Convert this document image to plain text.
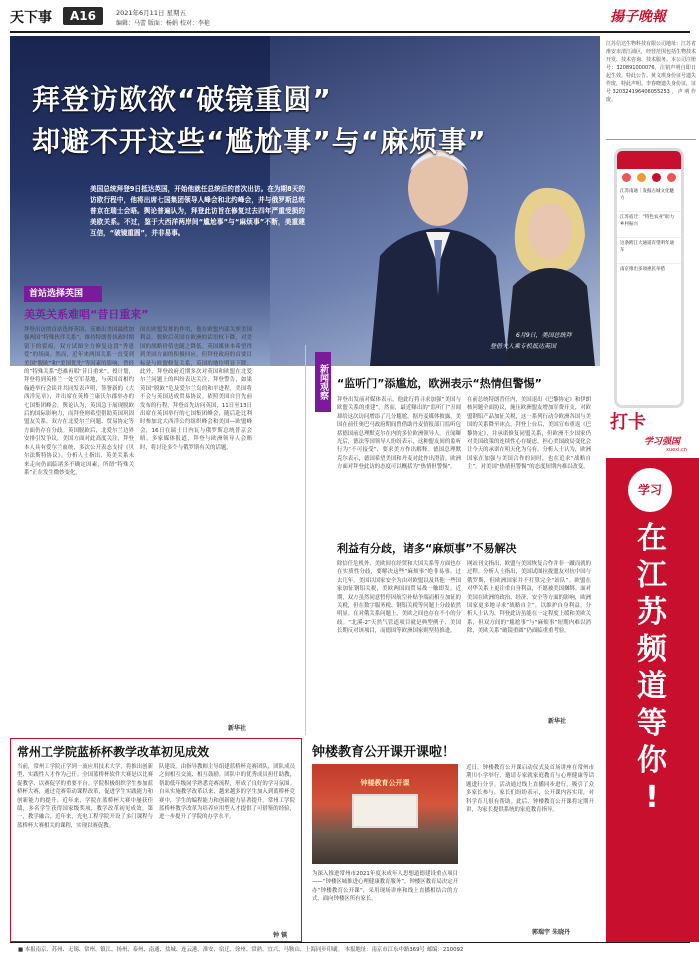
天下事	A16	2021年6月11日 星期五
编辑：马蕾 版面：杨娟 校对：李艳	揚子晚報
拜登访欧欲“破镜重圆”
却避不开这些“尴尬事”与“麻烦事”
美国总统拜登9日抵达英国，开始他就任总统后的首次出访。在为期8天的访欧行程中，他将出席七国集团领导人峰会和北约峰会，并与俄罗斯总统普京在瑞士会晤。舆论普遍认为，拜登此访旨在修复过去四年严重受损的美欧关系。不过，鉴于大西洋两岸间“尴尬事”与“麻烦事”不断，美重建互信，“破镜重圆”，并非易事。
6月9日，美国总统拜
登偕夫人乘专机抵达英国
首站选择英国
美英关系难唱“昔日重来”
拜登出访的首站选择英国，反映出美国最欣加强两国“特殊伙伴关系”，维持特朗普执政时期留下的裂痕，双方试图全力修复这段“秀恩爱”的场面。然而，近年来两国关系一直受到美国“脱欧”和“美国优先”等因素的影响，曾经的“特殊关系”恐难再唱“昔日重来”。授计划，拜登将到英格兰一处空军基地，与英国首相约翰逊举行会谈并共同发表声明，签署新的《大西洋宪章》，并出席在英格兰康沃尔郡举办的七国集团峰会。舆论认为，英国急于展现脱欧后的国际影响力，而拜登则希望借助英国巩固盟友关系。双方在北爱尔兰问题、贸易协定等方面仍存在分歧。英国脱欧后，北爱尔兰边界安排引发争议，美国方面对此高度关注，拜登本人具有爱尔兰血统，多次公开表态支持《贝尔法斯特协议》。分析人士指出，英美关系未来走向仍面临诸多不确定因素，所谓“特殊关系”正在发生微妙变化。
国在欧盟发挥的作用，他在欧盟内部关照美国利益。脱欧后英国在欧洲的话语权下降，对美国的战略价值也随之降低。英国媒体本希望得到美国方面的积极回应，但拜登政府的首要目标是与欧盟修复关系，英国的地位明显下降。此外，拜登政府近期多次对英国和欧盟在北爱尔兰问题上的纠纷表达关注，拜登警告，如果英国“脱欧”危及爱尔兰岛的和平进程，美国将不会与英国达成贸易协议。依照美国自宫先前发布的行程，拜登首先访问英国，11日至13日出席在英国举行的七国集团峰会，随后赴比利时参加北大西洋公约组织峰会和美国—欧盟峰会，16日在瑞士日内瓦与俄罗斯总统普京会晤。多家媒体报道，拜登与欧洲领导人会晤时，将讨论多个与俄罗斯有关的话题。
新华社
新闻观察 “监听门”添尴尬，欧洲表示“热情但警惕”
拜登出发前对媒体表示，他此行将寻求加强“美国与欧盟关系的重建”。然而，最近曝出的“监听门”丑闻却给这次访问增添了几分尴尬。据丹麦媒体披露，美国在前任奥巴马政府期间曾借助丹麦情报部门监听包括德国前总理默克尔在内的多位欧洲领导人。丑闻曝光后，德法等国领导人纷纷表示，这种盟友间的监听行为“不可接受”，要求美方作出解释。德国总理默克尔表示，德国希望美国和丹麦对此作出澄清。欧洲方面对拜登此访的态度可以概括为“热情但警惕”。
在前总统特朗普任内，美国退出《巴黎协定》和伊朗核问题全面协议，施压欧洲盟友增加军费开支，对欧盟钢铝产品加征关税，这一系列行动令欧洲各国与美国的关系降至冰点。拜登上台后，美国宣布重返《巴黎协定》，并承诺修复同盟关系，但欧洲不少国家仍对美国政策的连续性心存疑虑，担心美国政局变化会让今天的承诺在明天化为乌有。分析人士认为，欧洲国家在加强与美国合作的同时，也在追求“战略自主”，对美国“热情但警惕”的态度短期内难以改变。
利益有分歧，诸多“麻烦事”不易解决
除信任危机外，美欧间在经贸和大国关系等方面也存在实质性分歧，要解决这些“麻烦事”绝非易事。过去几年，美国以国家安全为由对欧盟以及其他一些国家加征钢铝关税，美欧两国间贸易战一触即发。近期，双方虽然同意暂停因航空补贴争端而相互加征的关税，但在数字服务税、钢铝关税等问题上分歧依然明显。在对俄关系问题上，美欧之间也存在不小的分歧。“北溪-2”天然气管道项目就是典型例子，美国长期反对该项目，而德国等欧洲国家则坚持推进。
网站刊文指出，欧盟与美国恢复合作并非一蹴而就的过程。分析人士指出，美国试图拉拢盟友对抗中国与俄罗斯，但欧洲国家并不打算完全“站队”。欧盟在对华关系上更注重自身利益，不愿被美国捆绑。面对美国在欧洲的政治、经济、安全等方面的影响，欧洲国家更多地寻求“战略自主”，以维护自身利益。分析人士认为，拜登此访虽能在一定程度上缓和美欧关系，但双方间的“尴尬事”与“麻烦事”短期内难以消除，美欧关系“破镜重圆”仍面临重重考验。
新华社
江苏信达生物科技有限公司地址：江苏省淮安市清江浦区，经营范围包括生物技术开发、技术咨询、技术服务。本公司注册号：320891000076，注销声明自即日起生效。特此公告。黄文琪身份证号遗失作废，特此声明。李春晓遗失身份证，证号320324196406055253，声明作废。
江苏南通｜发掘古城文化魅力
江苏宿迁：“特色农业”助力乡村振兴
这条跨江大通道有望明年通车
南京推出多项惠民举措
打卡
学习强国
xuexi.cn
学习
在
江
苏
频
道
等
你
!
常州工学院蓝桥杯教学改革初见成效
当前，常州工学院正学到一流应用技术大学，将推出创新型、实践性人才作为己任。全国蓝桥杯软件大赛是以比赛促教学、以赛促学的重要平台。学院积极组织学生参加蓝桥杯大赛，通过竞赛带动课程改革，促进学生实践能力和创新能力的提升。近年来，学院在蓝桥杯大赛中屡获佳绩，多名学生获得国家级奖项，教学改革初见成效。第一，教学融合，近年来，光电工程学院开设了多门课程与蓝桥杯大赛相关的课程，实现以赛促教。
队建设。由指导教师主导组建蓝桥杯竞赛团队，团队成员之间相互交流、相互鼓励。团队中的优秀成员担任助教，帮助低年级同学熟悉竞赛流程，形成了良好的学习氛围。自从实施教学改革以来，越来越多的学生加入到蓝桥杯竞赛中，学生的编程能力和创新能力显著提升。常州工学院蓝桥杯教学改革为培养应用型人才提供了可借鉴的经验，进一步提升了学院的办学水平。
钟 镇
钟楼教育公开课开课啦！
钟楼教育公开课
为深入推进常州市2021年度未成年人思想道德建设重点项目——“钟楼区城推进心理健康教育服务”，钟楼区教育局决定开办“钟楼教育公开课”，采用现场讲座和线上直播相结合的方式，面向钟楼区所有家长。
近日，钟楼教育公开课启动仪式及首场讲座在常州市荆川小学举行，邀请专家就家庭教育与心理健康等话题进行分享。活动通过线上直播同步进行，吸引了众多家长参与。家长们纷纷表示，公开课内容实用，对科学育儿很有帮助。此后，钟楼教育公开课将定期开讲，为家长提供系统的家庭教育指导。
郭瑞宇 朱晓丹
■ 本报南京、苏州、无锡、常州、镇江、扬州、泰州、南通、盐城、连云港、淮安、宿迁、徐州、常熟、宜兴、马鞍山、上海同步印刷。 本报地址：南京市江东中路369号 邮编：210092
